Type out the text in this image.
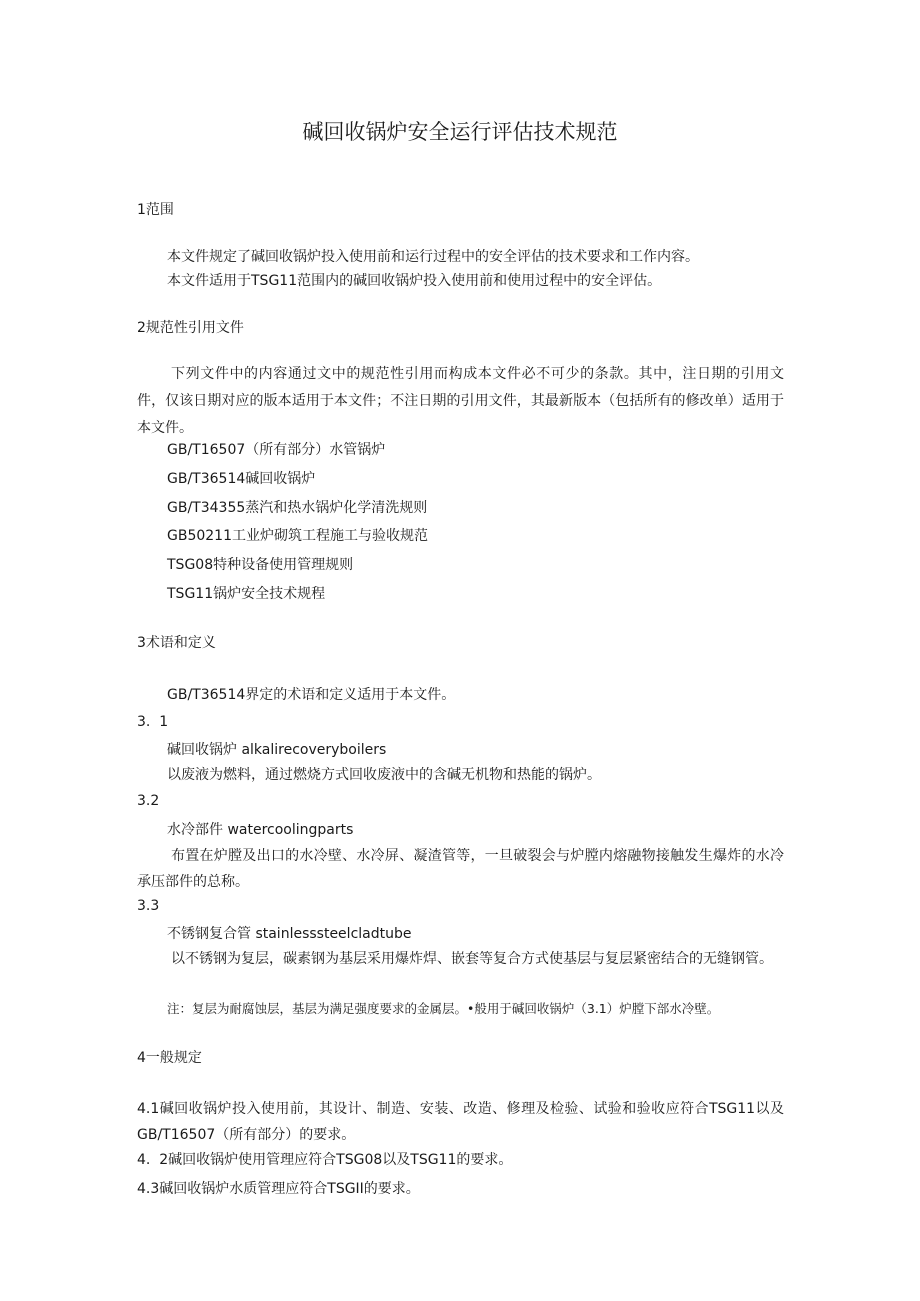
碱回收锅炉安全运行评估技术规范
1范围
本文件规定了碱回收锅炉投入使用前和运行过程中的安全评估的技术要求和工作内容。
本文件适用于TSG11范围内的碱回收锅炉投入使用前和使用过程中的安全评估。
2规范性引用文件
下列文件中的内容通过文中的规范性引用而构成本文件必不可少的条款。其中，注日期的引用文件，仅该日期对应的版本适用于本文件；不注日期的引用文件，其最新版本（包括所有的修改单）适用于本文件。
GB/T16507（所有部分）水管锅炉
GB/T36514碱回收锅炉
GB/T34355蒸汽和热水锅炉化学清洗规则
GB50211工业炉砌筑工程施工与验收规范
TSG08特种设备使用管理规则
TSG11锅炉安全技术规程
3术语和定义
GB/T36514界定的术语和定义适用于本文件。
3.  1
碱回收锅炉 alkalirecoveryboilers
以废液为燃料，通过燃烧方式回收废液中的含碱无机物和热能的锅炉。
3.2
水冷部件 watercoolingparts
布置在炉膛及出口的水冷壁、水冷屏、凝渣管等，一旦破裂会与炉膛内熔融物接触发生爆炸的水冷承压部件的总称。
3.3
不锈钢复合管 stainlesssteelcladtube
以不锈钢为复层，碳素钢为基层采用爆炸焊、嵌套等复合方式使基层与复层紧密结合的无缝钢管。
注：复层为耐腐蚀层，基层为满足强度要求的金属层。•般用于碱回收锅炉（3.1）炉膛下部水冷壁。
4一般规定
4.1碱回收锅炉投入使用前，其设计、制造、安装、改造、修理及检验、试验和验收应符合TSG11以及GB/T16507（所有部分）的要求。
4.  2碱回收锅炉使用管理应符合TSG08以及TSG11的要求。
4.3碱回收锅炉水质管理应符合TSGII的要求。
